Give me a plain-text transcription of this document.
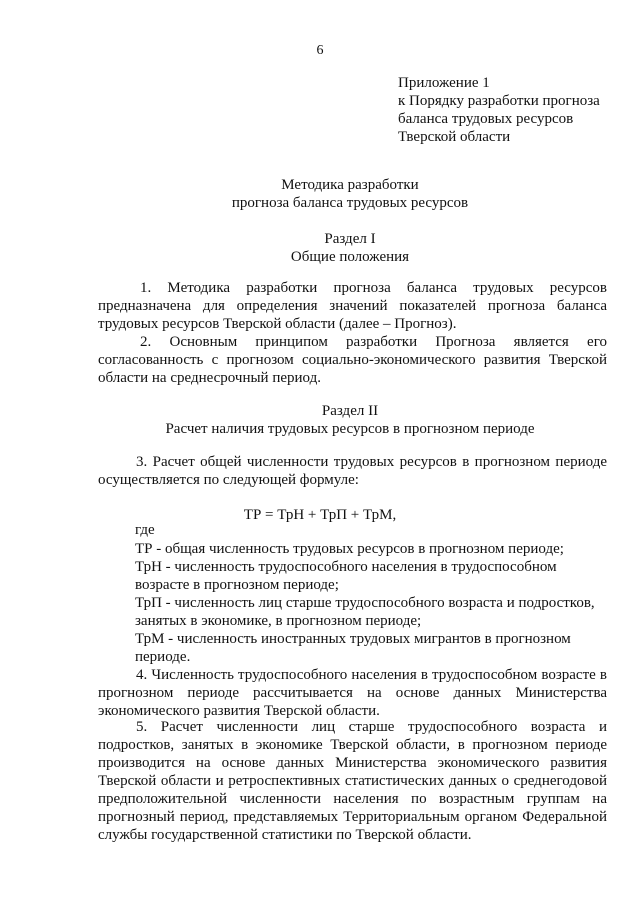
6
Приложение 1
к Порядку разработки прогноза
баланса трудовых ресурсов
Тверской области
Методика разработки
прогноза баланса трудовых ресурсов
Раздел I
Общие положения
1. Методика разработки прогноза баланса трудовых ресурсов
предназначена для определения значений показателей прогноза баланса
трудовых ресурсов Тверской области (далее – Прогноз).
2. Основным принципом разработки Прогноза является его
согласованность с прогнозом социально-экономического развития Тверской
области на среднесрочный период.
Раздел II
Расчет наличия трудовых ресурсов в прогнозном периоде
3. Расчет общей численности трудовых ресурсов в прогнозном периоде
осуществляется по следующей формуле:
ТР = ТрН + ТрП + ТрМ,
где
ТР - общая численность трудовых ресурсов в прогнозном периоде;
ТрН - численность трудоспособного населения в трудоспособном
возрасте в прогнозном периоде;
ТрП - численность лиц старше трудоспособного возраста и подростков,
занятых в экономике, в прогнозном периоде;
ТрМ - численность иностранных трудовых мигрантов в прогнозном
периоде.
4. Численность трудоспособного населения в трудоспособном возрасте в
прогнозном периоде рассчитывается на основе данных Министерства
экономического развития Тверской области.
5. Расчет численности лиц старше трудоспособного возраста и
подростков, занятых в экономике Тверской области, в прогнозном периоде
производится на основе данных Министерства экономического развития
Тверской области и ретроспективных статистических данных о среднегодовой
предположительной численности населения по возрастным группам на
прогнозный период, представляемых Территориальным органом Федеральной
службы государственной статистики по Тверской области.
